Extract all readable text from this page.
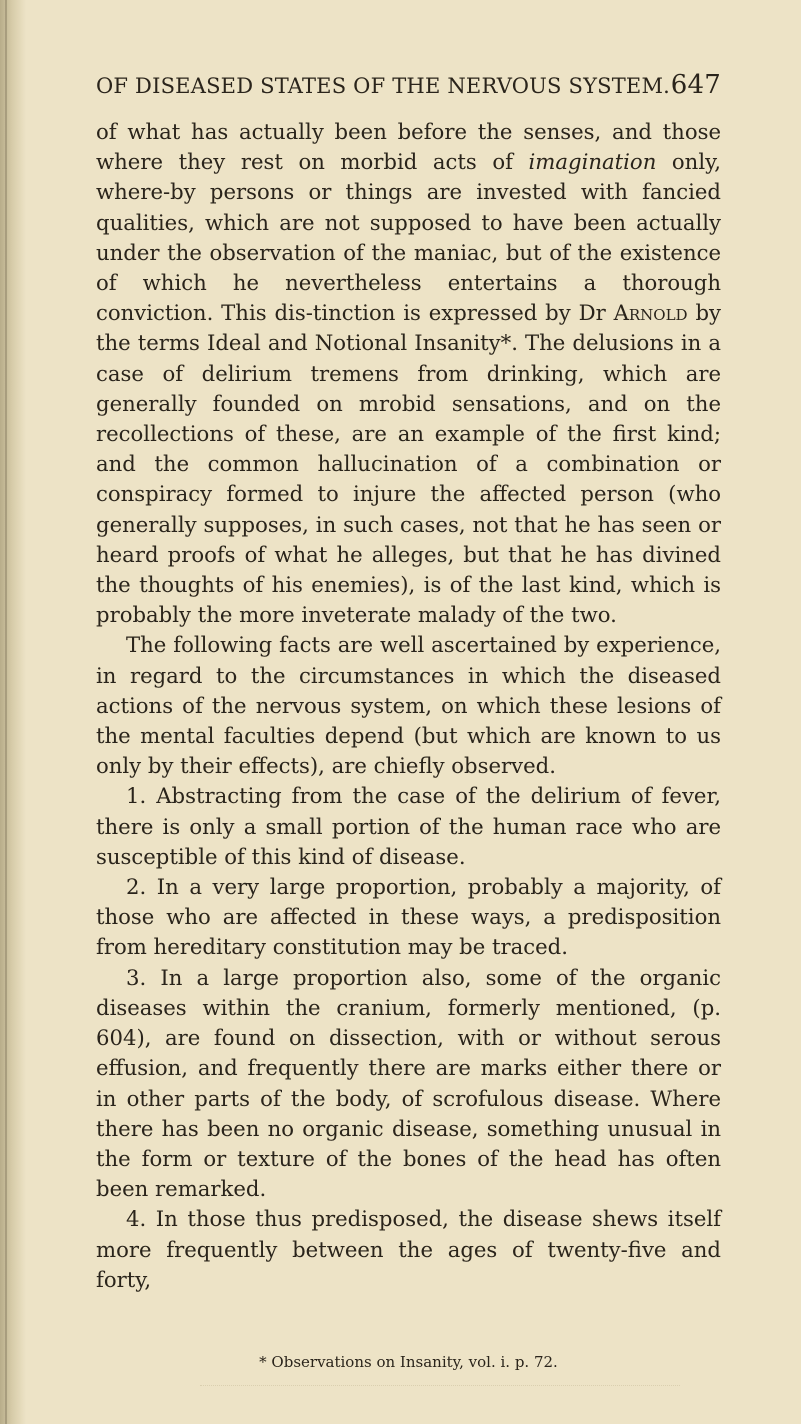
OF DISEASED STATES OF THE NERVOUS SYSTEM. 647

of what has actually been before the senses, and those where they rest on morbid acts of imagination only, where-by persons or things are invested with fancied qualities, which are not supposed to have been actually under the observation of the maniac, but of the existence of which he nevertheless entertains a thorough conviction. This dis-tinction is expressed by Dr Arnold by the terms Ideal and Notional Insanity*. The delusions in a case of delirium tremens from drinking, which are generally founded on mrobid sensations, and on the recollections of these, are an example of the first kind; and the common hallucination of a combination or conspiracy formed to injure the affected person (who generally supposes, in such cases, not that he has seen or heard proofs of what he alleges, but that he has divined the thoughts of his enemies), is of the last kind, which is probably the more inveterate malady of the two.

The following facts are well ascertained by experience, in regard to the circumstances in which the diseased actions of the nervous system, on which these lesions of the mental faculties depend (but which are known to us only by their effects), are chiefly observed.

1. Abstracting from the case of the delirium of fever, there is only a small portion of the human race who are susceptible of this kind of disease.

2. In a very large proportion, probably a majority, of those who are affected in these ways, a predisposition from hereditary constitution may be traced.

3. In a large proportion also, some of the organic diseases within the cranium, formerly mentioned, (p. 604), are found on dissection, with or without serous effusion, and frequently there are marks either there or in other parts of the body, of scrofulous disease. Where there has been no organic disease, something unusual in the form or texture of the bones of the head has often been remarked.

4. In those thus predisposed, the disease shews itself more frequently between the ages of twenty-five and forty,

* Observations on Insanity, vol. i. p. 72.
